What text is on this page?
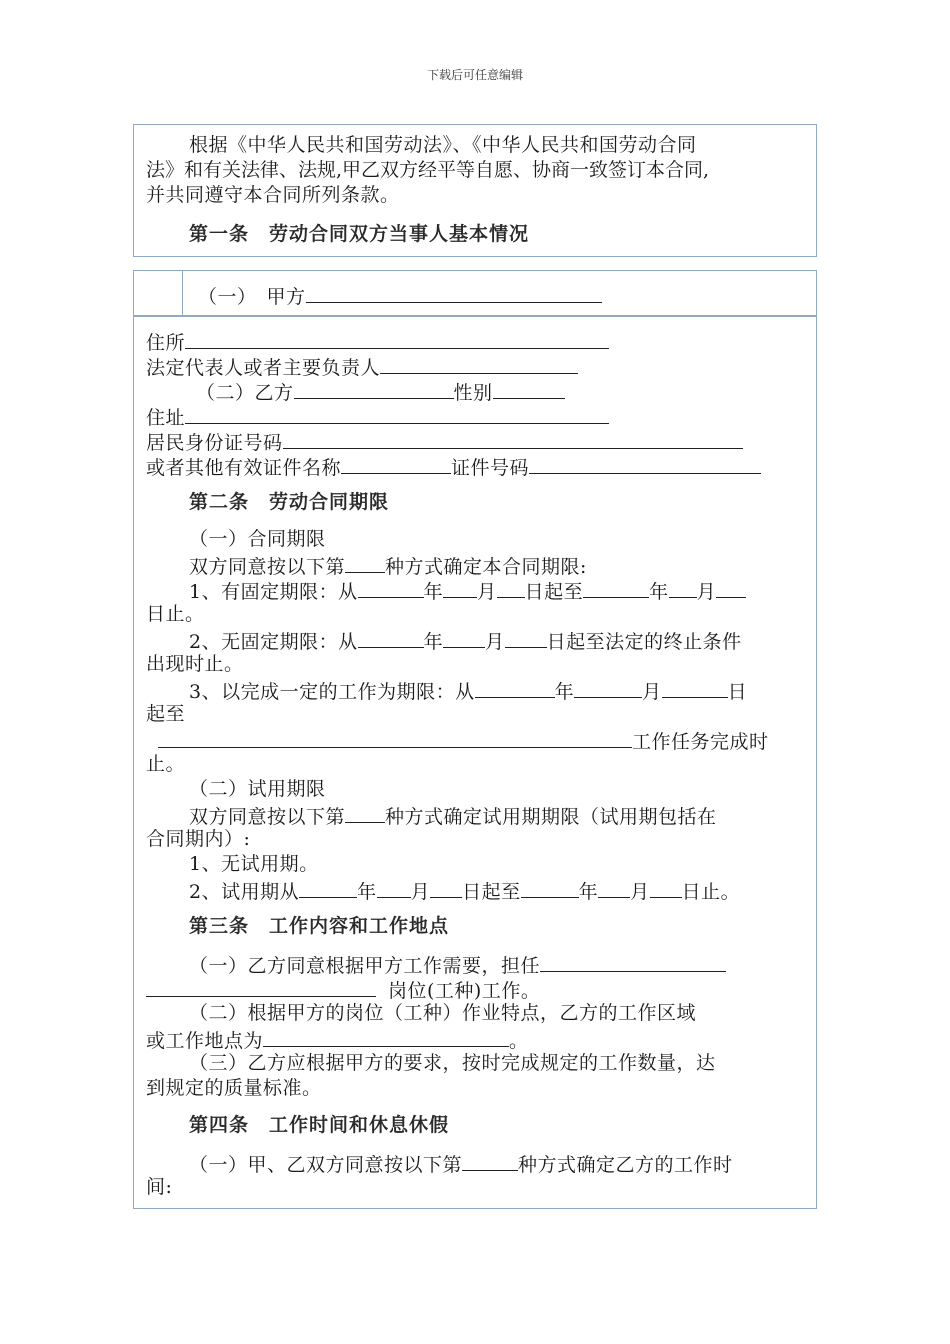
下载后可任意编辑
根据《中华人民共和国劳动法》、《中华人民共和国劳动合同
法》和有关法律、法规,甲乙双方经平等自愿、协商一致签订本合同,
并共同遵守本合同所列条款。
第一条　劳动合同双方当事人基本情况
（一）　甲方
住所
法定代表人或者主要负责人
（二）乙方	性别
住址
居民身份证号码
或者其他有效证件名称	证件号码
第二条　劳动合同期限
（一）合同期限
双方同意按以下第 种方式确定本合同期限:
1、有固定期限：从	年 月 日起至	年 月
日止。
2、无固定期限：从	年 月 日起至法定的终止条件
出现时止。
3、以完成一定的工作为期限：从	年	月	日
起至
工作任务完成时
止。
（二）试用期限
双方同意按以下第 种方式确定试用期期限（试用期包括在
合同期内）:
1、无试用期。
2、试用期从	年 月 日起至	年 月 日止。
第三条　工作内容和工作地点
（一）乙方同意根据甲方工作需要，担任
岗位(工种)工作。
（二）根据甲方的岗位（工种）作业特点，乙方的工作区域
或工作地点为	。
（三）乙方应根据甲方的要求，按时完成规定的工作数量，达
到规定的质量标准。
第四条　工作时间和休息休假
（一）甲、乙双方同意按以下第	种方式确定乙方的工作时
间:
